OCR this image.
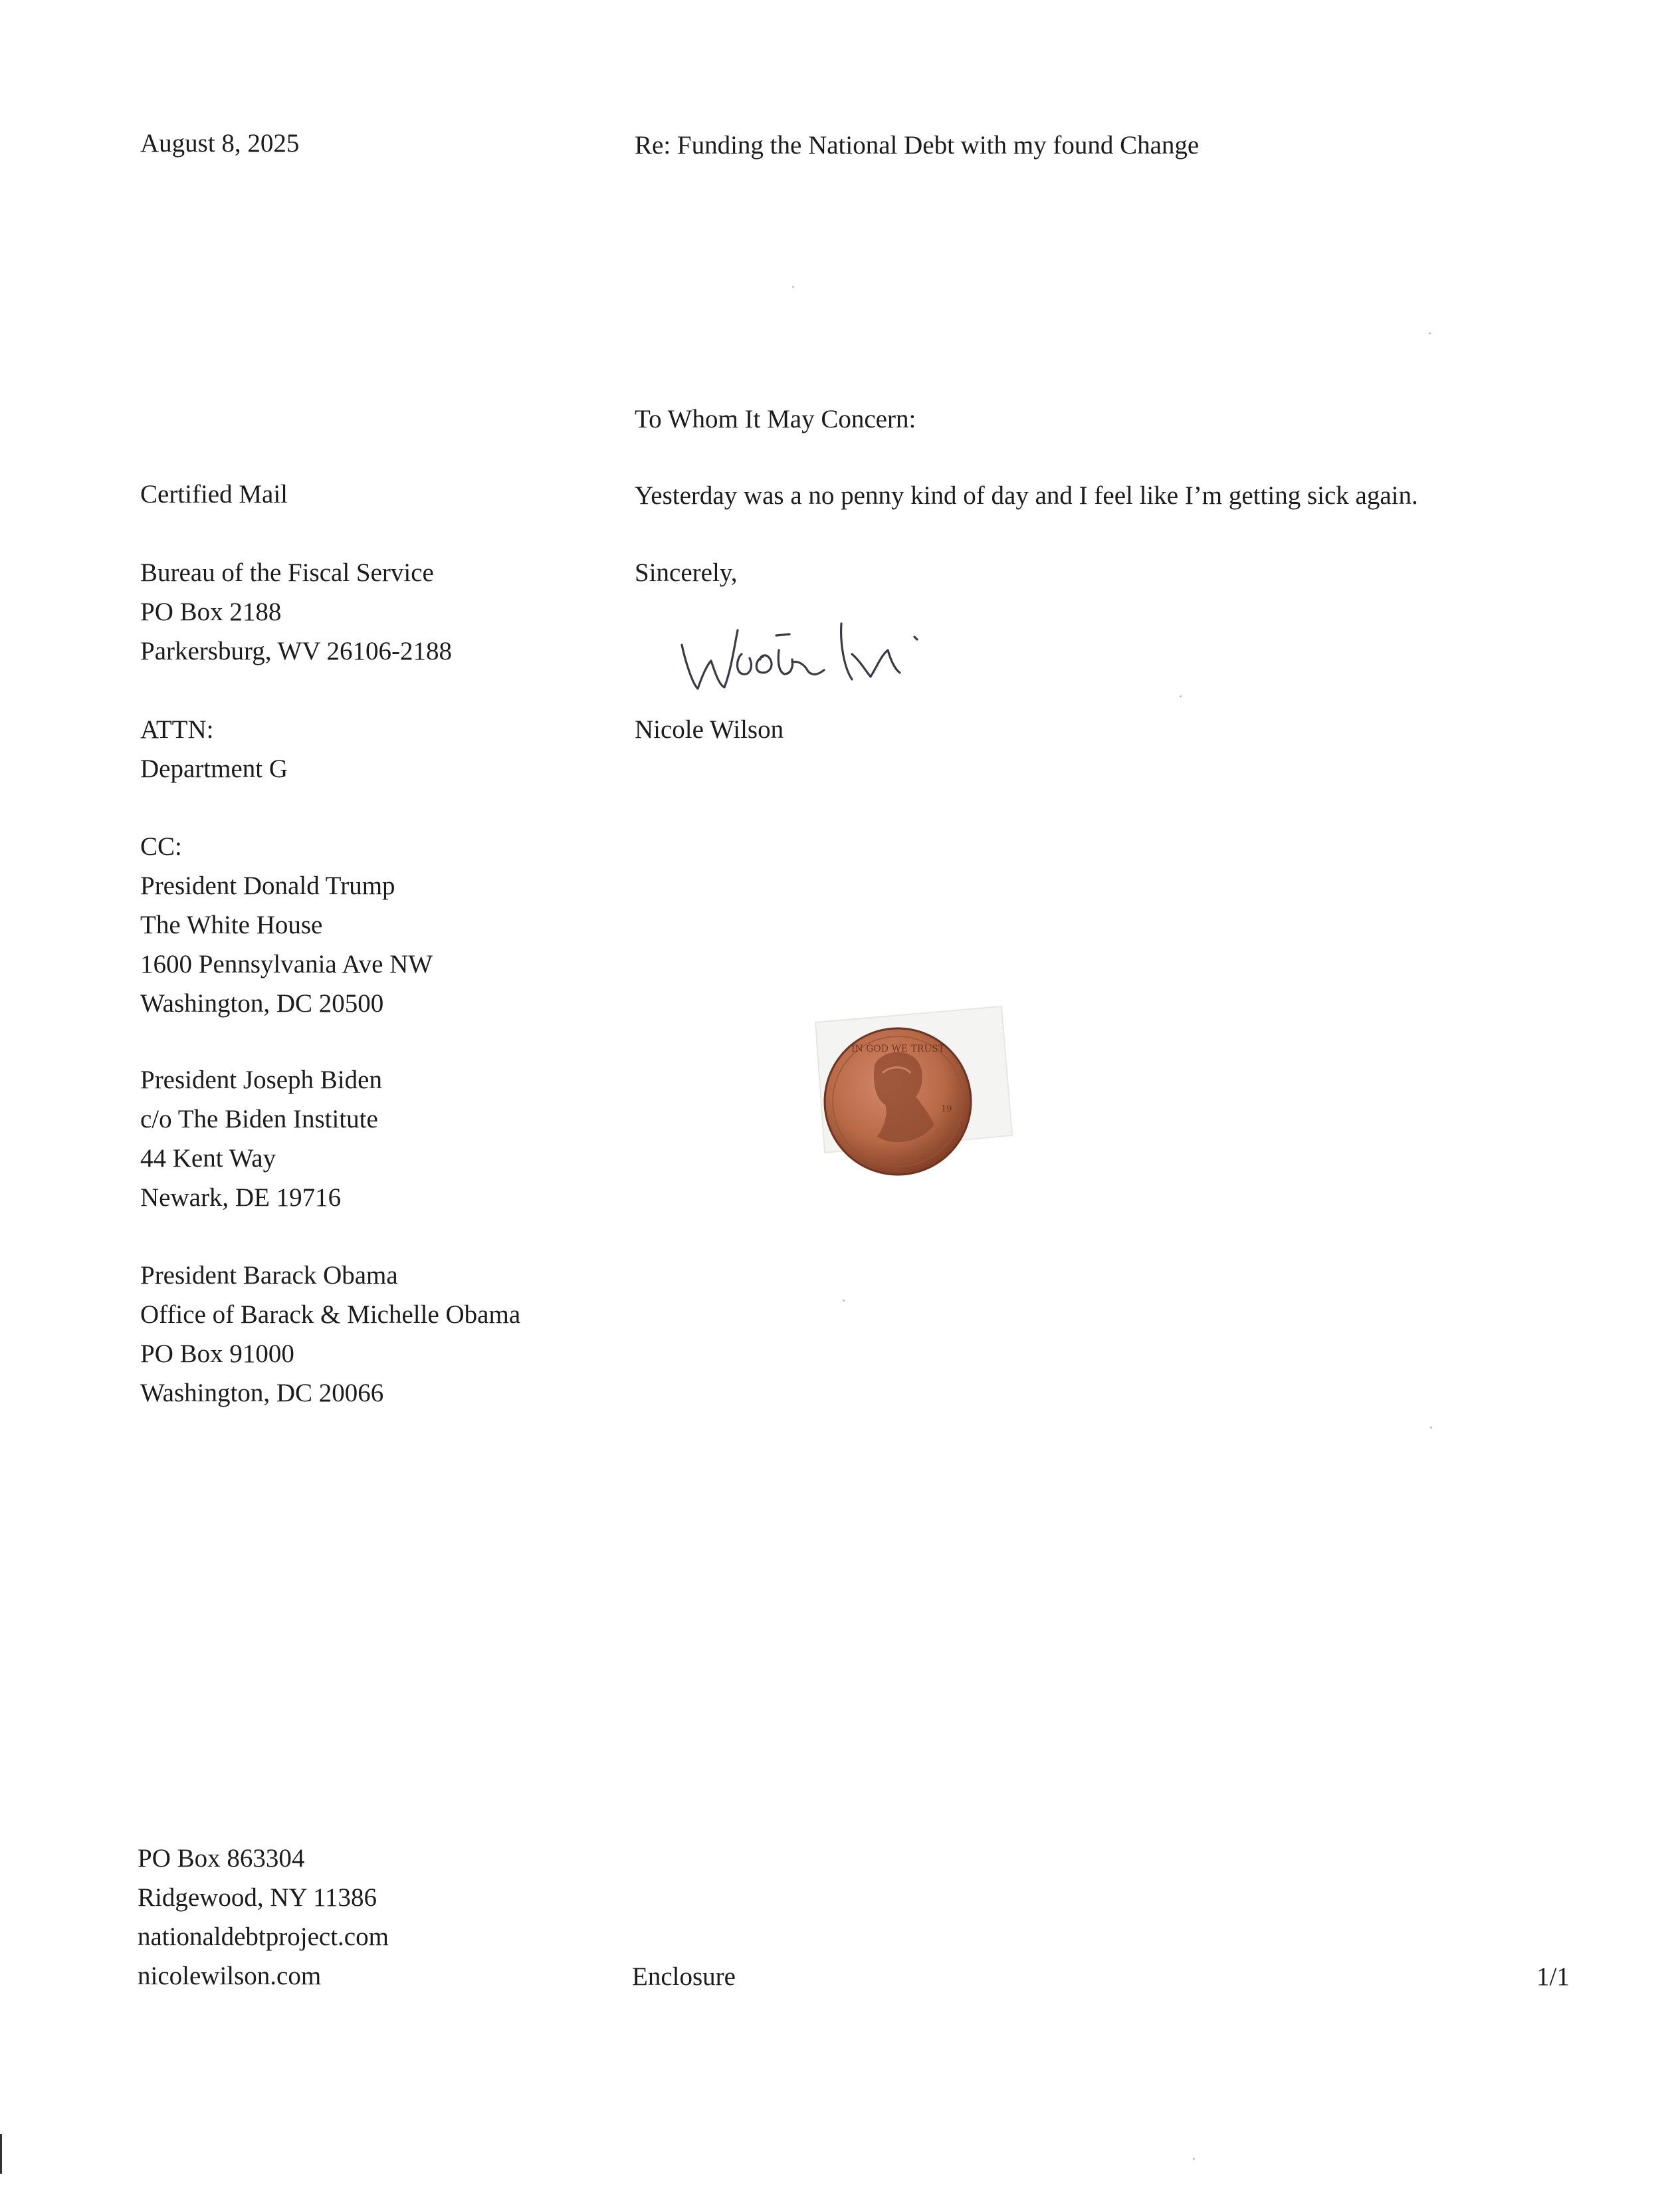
August 8, 2025	Re: Funding the National Debt with my found Change
To Whom It May Concern:
Yesterday was a no penny kind of day and I feel like I’m getting sick again.
Sincerely,
Nicole Wilson
Certified Mail
Bureau of the Fiscal Service
PO Box 2188
Parkersburg, WV 26106-2188
ATTN:
Department G
CC:
President Donald Trump
The White House
1600 Pennsylvania Ave NW
Washington, DC 20500
President Joseph Biden
c/o The Biden Institute
44 Kent Way
Newark, DE 19716
President Barack Obama
Office of Barack & Michelle Obama
PO Box 91000
Washington, DC 20066
IN GOD WE TRUST
19
PO Box 863304
Ridgewood, NY 11386
nationaldebtproject.com
nicolewilson.com	Enclosure	1/1
